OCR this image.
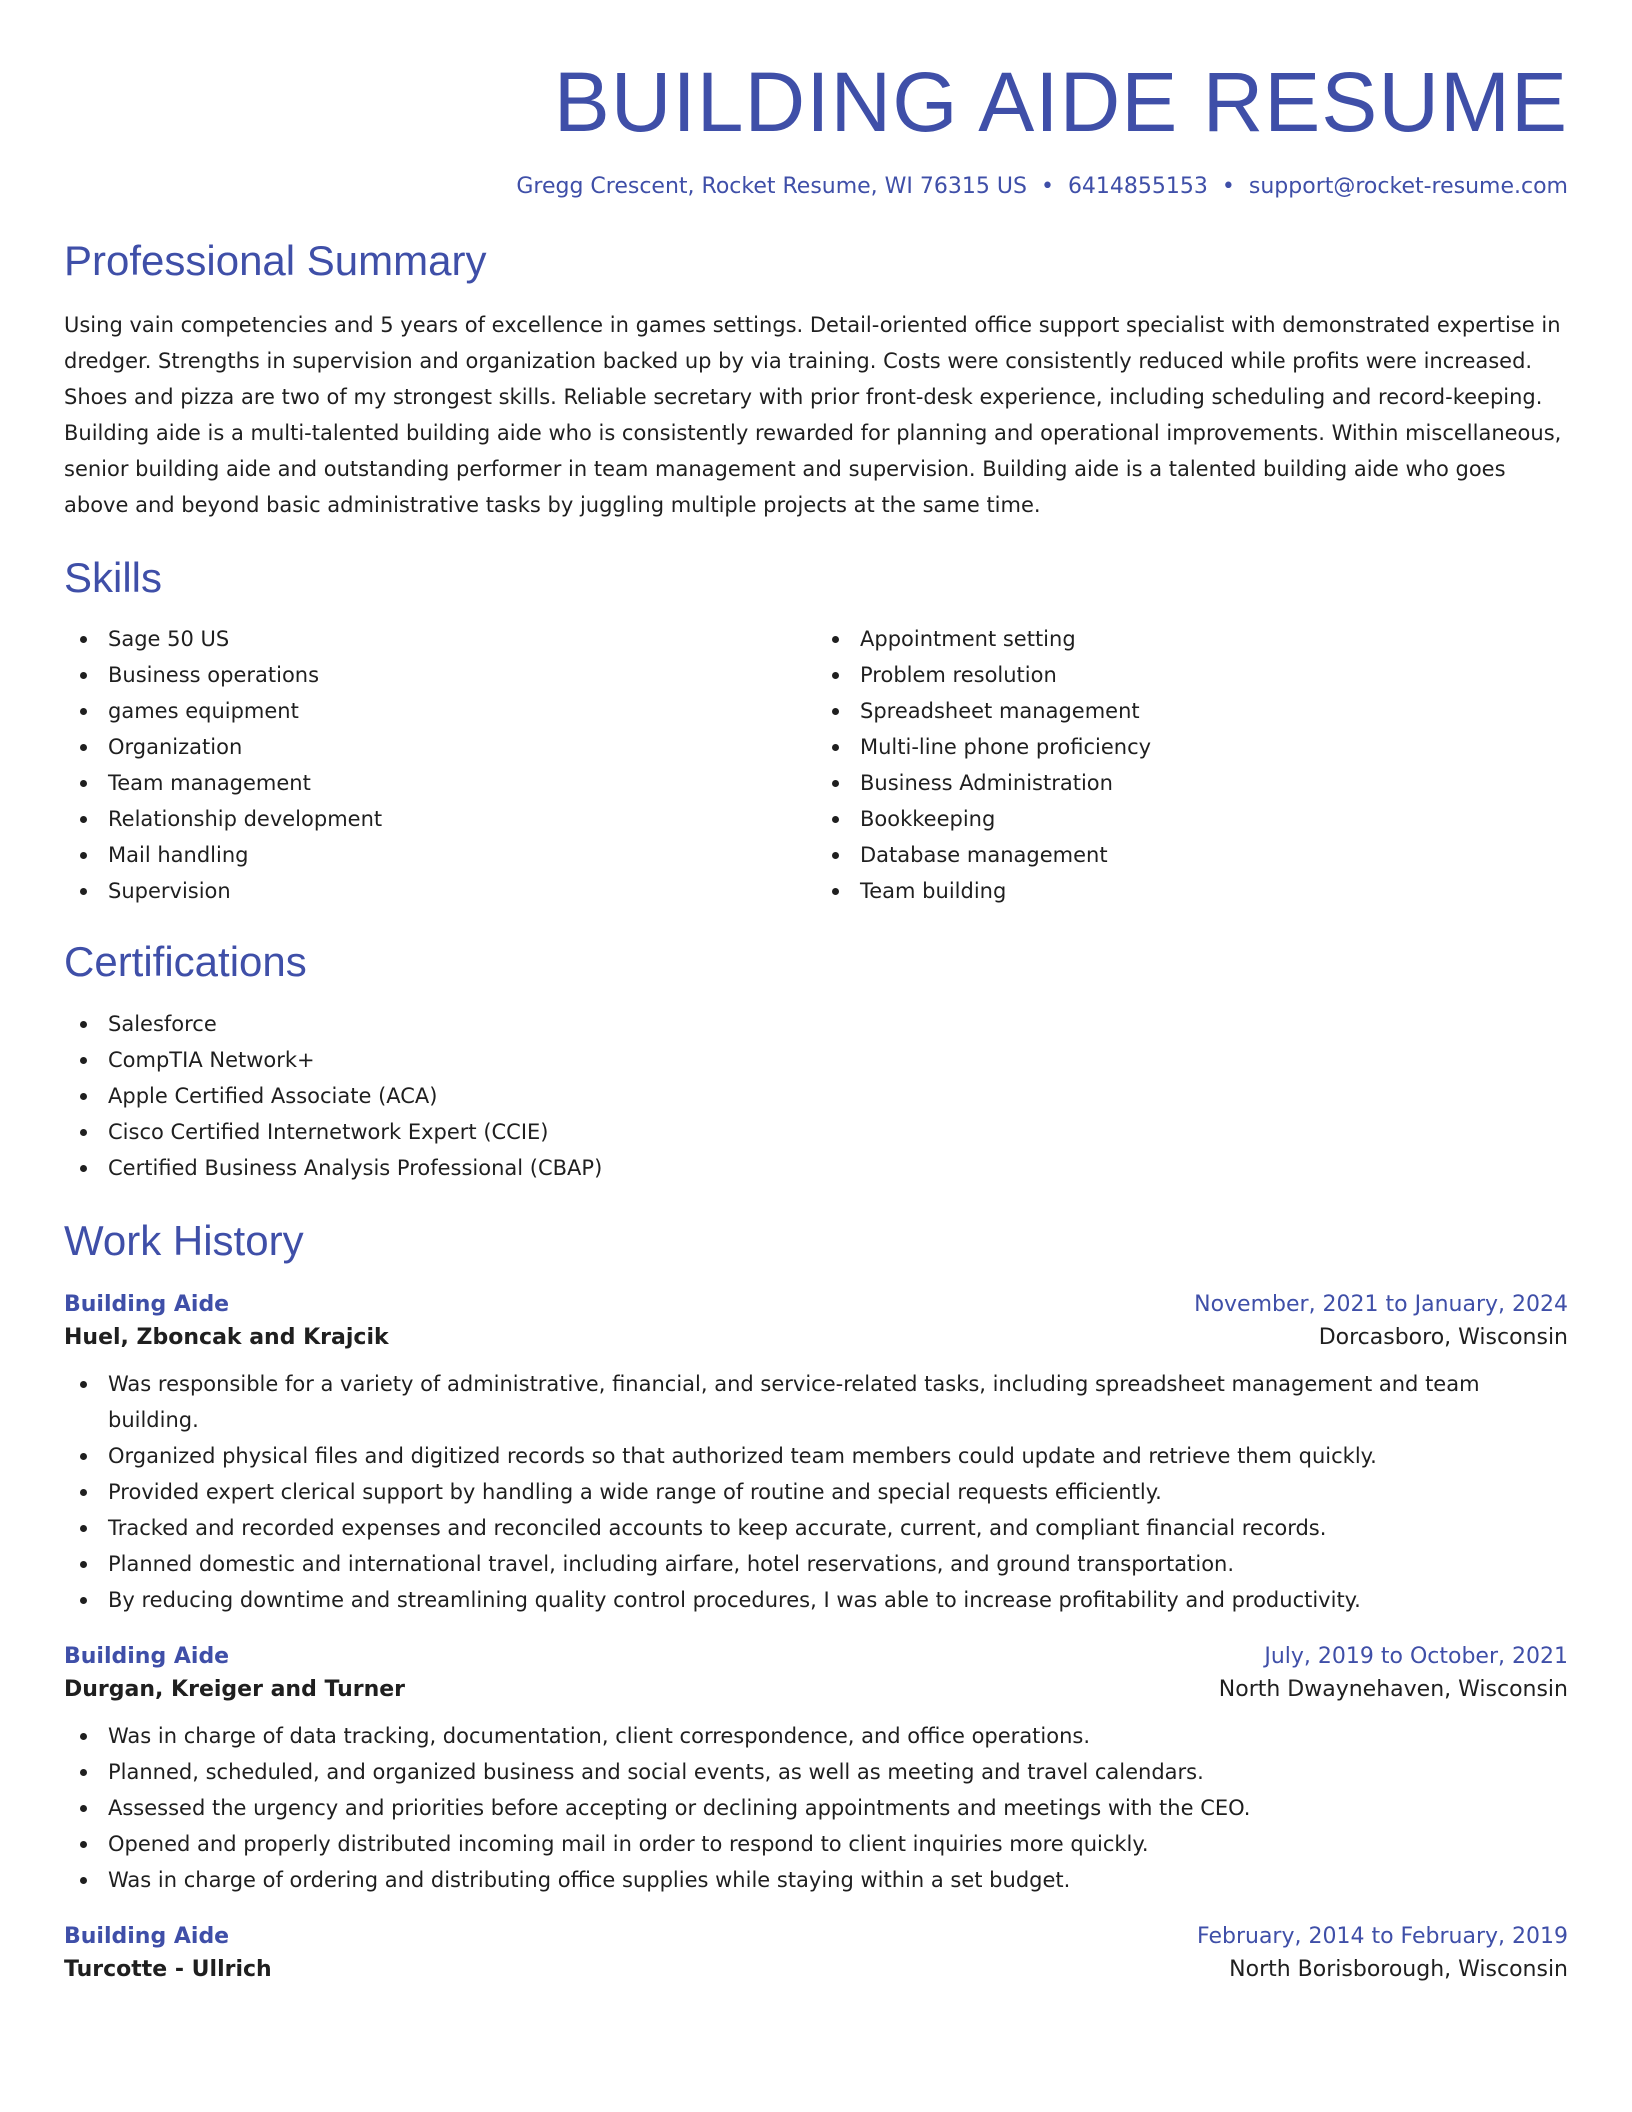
BUILDING AIDE RESUME
Gregg Crescent, Rocket Resume, WI 76315 US • 6414855153 • support@rocket-resume.com
Professional Summary

Using vain competencies and 5 years of excellence in games settings. Detail-oriented office support specialist with demonstrated expertise in dredger. Strengths in supervision and organization backed up by via training. Costs were consistently reduced while profits were increased. Shoes and pizza are two of my strongest skills. Reliable secretary with prior front-desk experience, including scheduling and record-keeping. Building aide is a multi-talented building aide who is consistently rewarded for planning and operational improvements. Within miscellaneous, senior building aide and outstanding performer in team management and supervision. Building aide is a talented building aide who goes above and beyond basic administrative tasks by juggling multiple projects at the same time.

Skills
Sage 50 US
Business operations
games equipment
Organization
Team management
Relationship development
Mail handling
Supervision
Appointment setting
Problem resolution
Spreadsheet management
Multi-line phone proficiency
Business Administration
Bookkeeping
Database management
Team building
Certifications
Salesforce
CompTIA Network+
Apple Certified Associate (ACA)
Cisco Certified Internetwork Expert (CCIE)
Certified Business Analysis Professional (CBAP)
Work History
Building Aide	November, 2021 to January, 2024
Huel, Zboncak and Krajcik	Dorcasboro, Wisconsin
Was responsible for a variety of administrative, financial, and service-related tasks, including spreadsheet management and team building.
Organized physical files and digitized records so that authorized team members could update and retrieve them quickly.
Provided expert clerical support by handling a wide range of routine and special requests efficiently.
Tracked and recorded expenses and reconciled accounts to keep accurate, current, and compliant financial records.
Planned domestic and international travel, including airfare, hotel reservations, and ground transportation.
By reducing downtime and streamlining quality control procedures, I was able to increase profitability and productivity.
Building Aide	July, 2019 to October, 2021
Durgan, Kreiger and Turner	North Dwaynehaven, Wisconsin
Was in charge of data tracking, documentation, client correspondence, and office operations.
Planned, scheduled, and organized business and social events, as well as meeting and travel calendars.
Assessed the urgency and priorities before accepting or declining appointments and meetings with the CEO.
Opened and properly distributed incoming mail in order to respond to client inquiries more quickly.
Was in charge of ordering and distributing office supplies while staying within a set budget.
Building Aide	February, 2014 to February, 2019
Turcotte - Ullrich	North Borisborough, Wisconsin
